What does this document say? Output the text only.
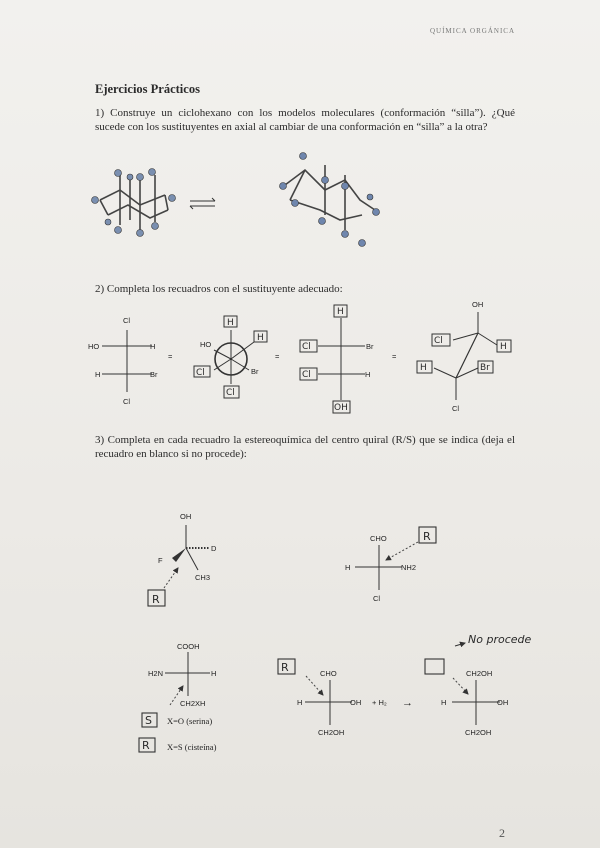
QUÍMICA ORGÁNICA
Ejercicios Prácticos
1) Construye un ciclohexano con los modelos moleculares (conformación “silla”). ¿Qué sucede con los sustituyentes en axial al cambiar de una conformación en “silla” a la otra?
2) Completa los recuadros con el sustituyente adecuado:
3) Completa en cada recuadro la estereoquímica del centro quiral (R/S) que se indica (deja el recuadro en blanco si no procede):
Cl
HO	H
H	Br
Cl
=
HO
Br
H
H
Cl
Cl
=
H
Cl	Br
Cl	H
OH
=
OH
Cl
Cl
H
H	Br
OH
D
F
CH3
R
CHO
H	NH2
Cl
R
COOH
H2N	H
CH2XH
S X=O (serina)
R X=S (cisteína)
CHO
H	OH
CH2OH
R
+ H₂ →
CH2OH
H	OH
CH2OH
No procede
2
